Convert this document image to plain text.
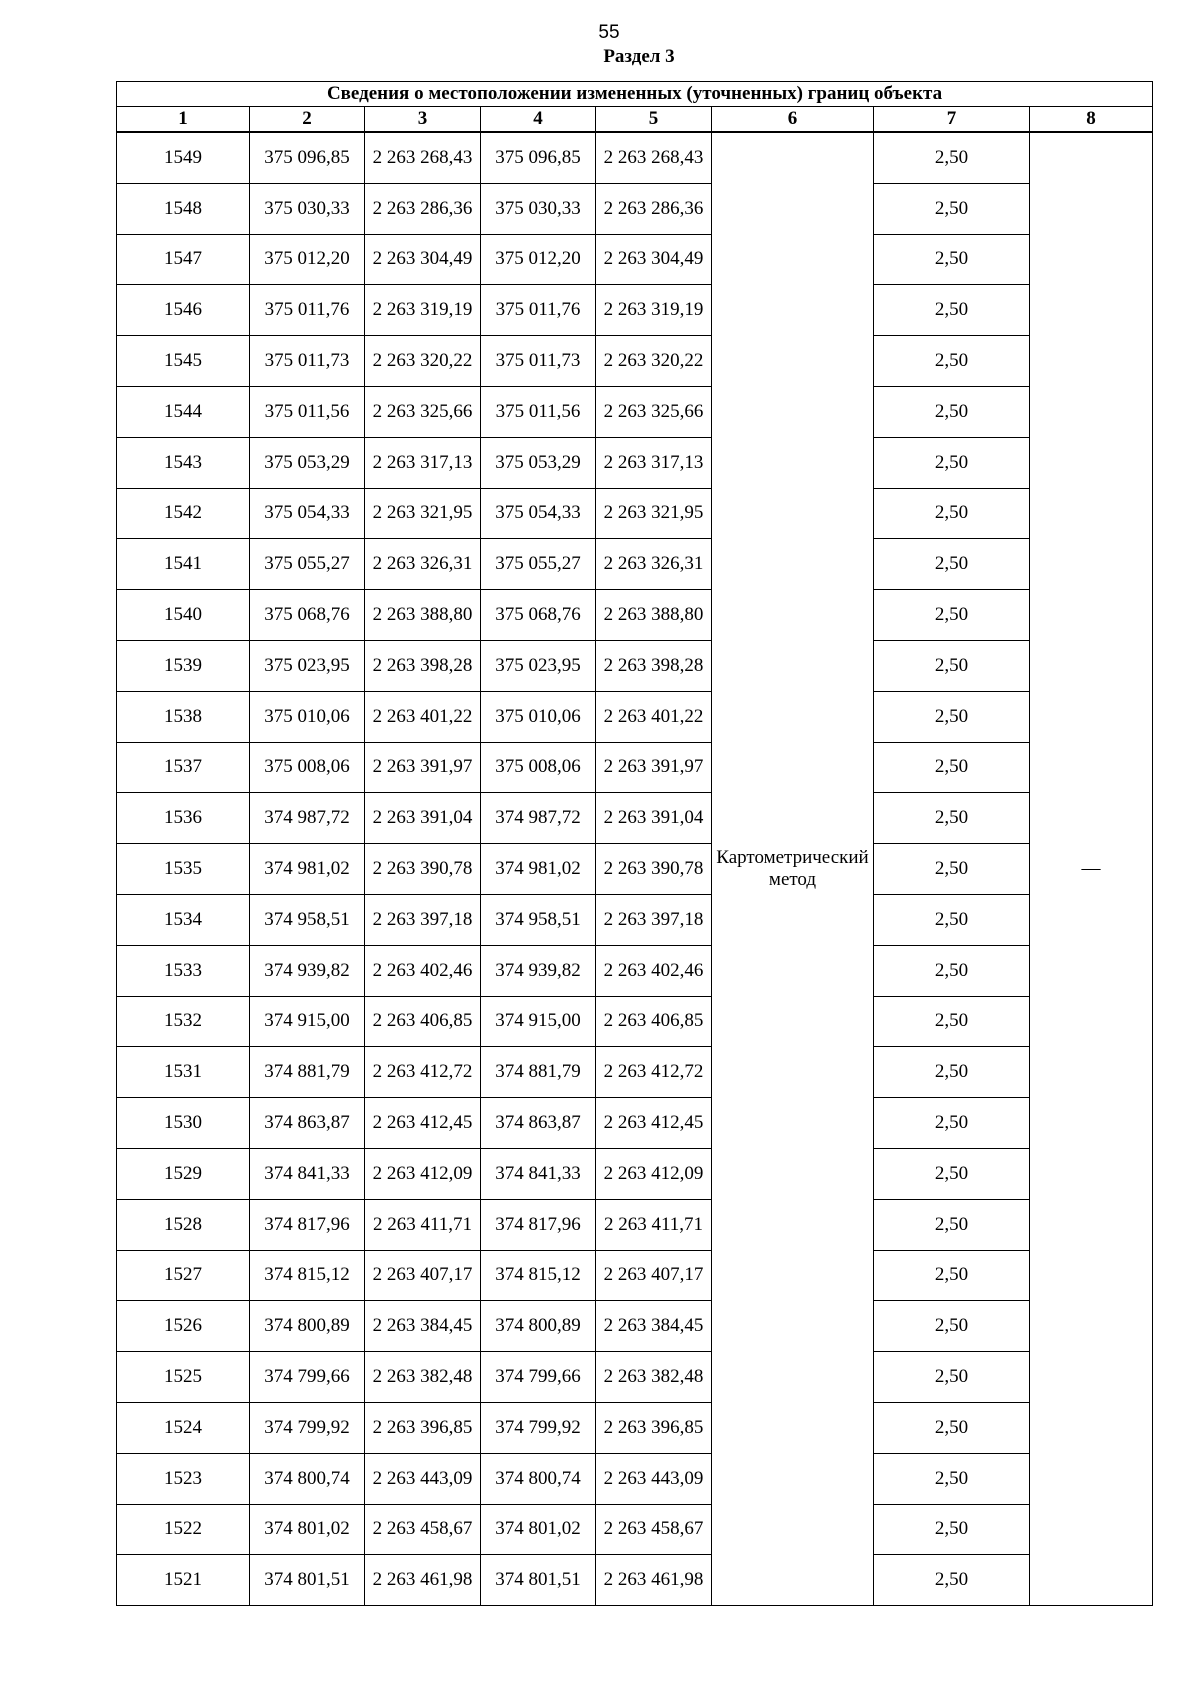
55
Раздел 3
Сведения о местоположении измененных (уточненных) границ объекта							
1	2	3	4	5	6	7	8
1549	375 096,85	2 263 268,43	375 096,85	2 263 268,43	Картометрический метод	2,50	—
1548	375 030,33	2 263 286,36	375 030,33	2 263 286,36		2,50	
1547	375 012,20	2 263 304,49	375 012,20	2 263 304,49		2,50	
1546	375 011,76	2 263 319,19	375 011,76	2 263 319,19		2,50	
1545	375 011,73	2 263 320,22	375 011,73	2 263 320,22		2,50	
1544	375 011,56	2 263 325,66	375 011,56	2 263 325,66		2,50	
1543	375 053,29	2 263 317,13	375 053,29	2 263 317,13		2,50	
1542	375 054,33	2 263 321,95	375 054,33	2 263 321,95		2,50	
1541	375 055,27	2 263 326,31	375 055,27	2 263 326,31		2,50	
1540	375 068,76	2 263 388,80	375 068,76	2 263 388,80		2,50	
1539	375 023,95	2 263 398,28	375 023,95	2 263 398,28		2,50	
1538	375 010,06	2 263 401,22	375 010,06	2 263 401,22		2,50	
1537	375 008,06	2 263 391,97	375 008,06	2 263 391,97		2,50	
1536	374 987,72	2 263 391,04	374 987,72	2 263 391,04		2,50	
1535	374 981,02	2 263 390,78	374 981,02	2 263 390,78		2,50	
1534	374 958,51	2 263 397,18	374 958,51	2 263 397,18		2,50	
1533	374 939,82	2 263 402,46	374 939,82	2 263 402,46		2,50	
1532	374 915,00	2 263 406,85	374 915,00	2 263 406,85		2,50	
1531	374 881,79	2 263 412,72	374 881,79	2 263 412,72		2,50	
1530	374 863,87	2 263 412,45	374 863,87	2 263 412,45		2,50	
1529	374 841,33	2 263 412,09	374 841,33	2 263 412,09		2,50	
1528	374 817,96	2 263 411,71	374 817,96	2 263 411,71		2,50	
1527	374 815,12	2 263 407,17	374 815,12	2 263 407,17		2,50	
1526	374 800,89	2 263 384,45	374 800,89	2 263 384,45		2,50	
1525	374 799,66	2 263 382,48	374 799,66	2 263 382,48		2,50	
1524	374 799,92	2 263 396,85	374 799,92	2 263 396,85		2,50	
1523	374 800,74	2 263 443,09	374 800,74	2 263 443,09		2,50	
1522	374 801,02	2 263 458,67	374 801,02	2 263 458,67		2,50	
1521	374 801,51	2 263 461,98	374 801,51	2 263 461,98		2,50	
